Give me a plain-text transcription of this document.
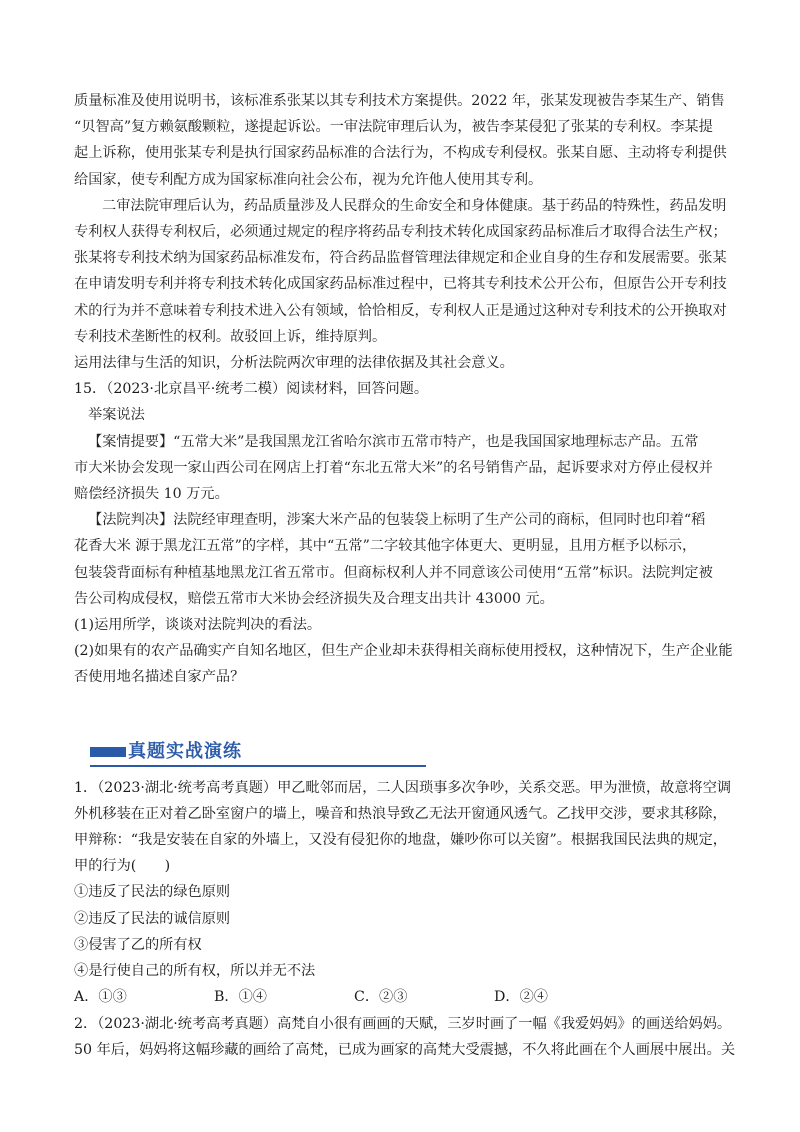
质量标准及使用说明书，该标准系张某以其专利技术方案提供。2022 年，张某发现被告李某生产、销售
“贝智高”复方赖氨酸颗粒，遂提起诉讼。一审法院审理后认为，被告李某侵犯了张某的专利权。李某提
起上诉称，使用张某专利是执行国家药品标准的合法行为，不构成专利侵权。张某自愿、主动将专利提供
给国家，使专利配方成为国家标准向社会公布，视为允许他人使用其专利。
二审法院审理后认为，药品质量涉及人民群众的生命安全和身体健康。基于药品的特殊性，药品发明
专利权人获得专利权后，必须通过规定的程序将药品专利技术转化成国家药品标准后才取得合法生产权；
张某将专利技术纳为国家药品标准发布，符合药品监督管理法律规定和企业自身的生存和发展需要。张某
在申请发明专利并将专利技术转化成国家药品标准过程中，已将其专利技术公开公布，但原告公开专利技
术的行为并不意味着专利技术进入公有领域，恰恰相反，专利权人正是通过这种对专利技术的公开换取对
专利技术垄断性的权利。故驳回上诉，维持原判。
运用法律与生活的知识，分析法院两次审理的法律依据及其社会意义。
15．（2023·北京昌平·统考二模）阅读材料，回答问题。
举案说法
【案情提要】“五常大米”是我国黑龙江省哈尔滨市五常市特产，也是我国国家地理标志产品。五常
市大米协会发现一家山西公司在网店上打着“东北五常大米”的名号销售产品，起诉要求对方停止侵权并
赔偿经济损失 10 万元。
【法院判决】法院经审理查明，涉案大米产品的包装袋上标明了生产公司的商标，但同时也印着“稻
花香大米 源于黑龙江五常”的字样，其中“五常”二字较其他字体更大、更明显，且用方框予以标示，
包装袋背面标有种植基地黑龙江省五常市。但商标权利人并不同意该公司使用“五常”标识。法院判定被
告公司构成侵权，赔偿五常市大米协会经济损失及合理支出共计 43000 元。
(1)运用所学，谈谈对法院判决的看法。
(2)如果有的农产品确实产自知名地区，但生产企业却未获得相关商标使用授权，这种情况下，生产企业能
否使用地名描述自家产品？
真题实战演练
1．（2023·湖北·统考高考真题）甲乙毗邻而居，二人因琐事多次争吵，关系交恶。甲为泄愤，故意将空调
外机移装在正对着乙卧室窗户的墙上，噪音和热浪导致乙无法开窗通风透气。乙找甲交涉，要求其移除，
甲辩称：“我是安装在自家的外墙上，又没有侵犯你的地盘，嫌吵你可以关窗”。根据我国民法典的规定，
甲的行为(　　)
①违反了民法的绿色原则
②违反了民法的诚信原则
③侵害了乙的所有权
④是行使自己的所有权，所以并无不法
A．①③	B．①④	C．②③	D．②④
2．（2023·湖北·统考高考真题）高梵自小很有画画的天赋，三岁时画了一幅《我爱妈妈》的画送给妈妈。
50 年后，妈妈将这幅珍藏的画给了高梵，已成为画家的高梵大受震撼，不久将此画在个人画展中展出。关
